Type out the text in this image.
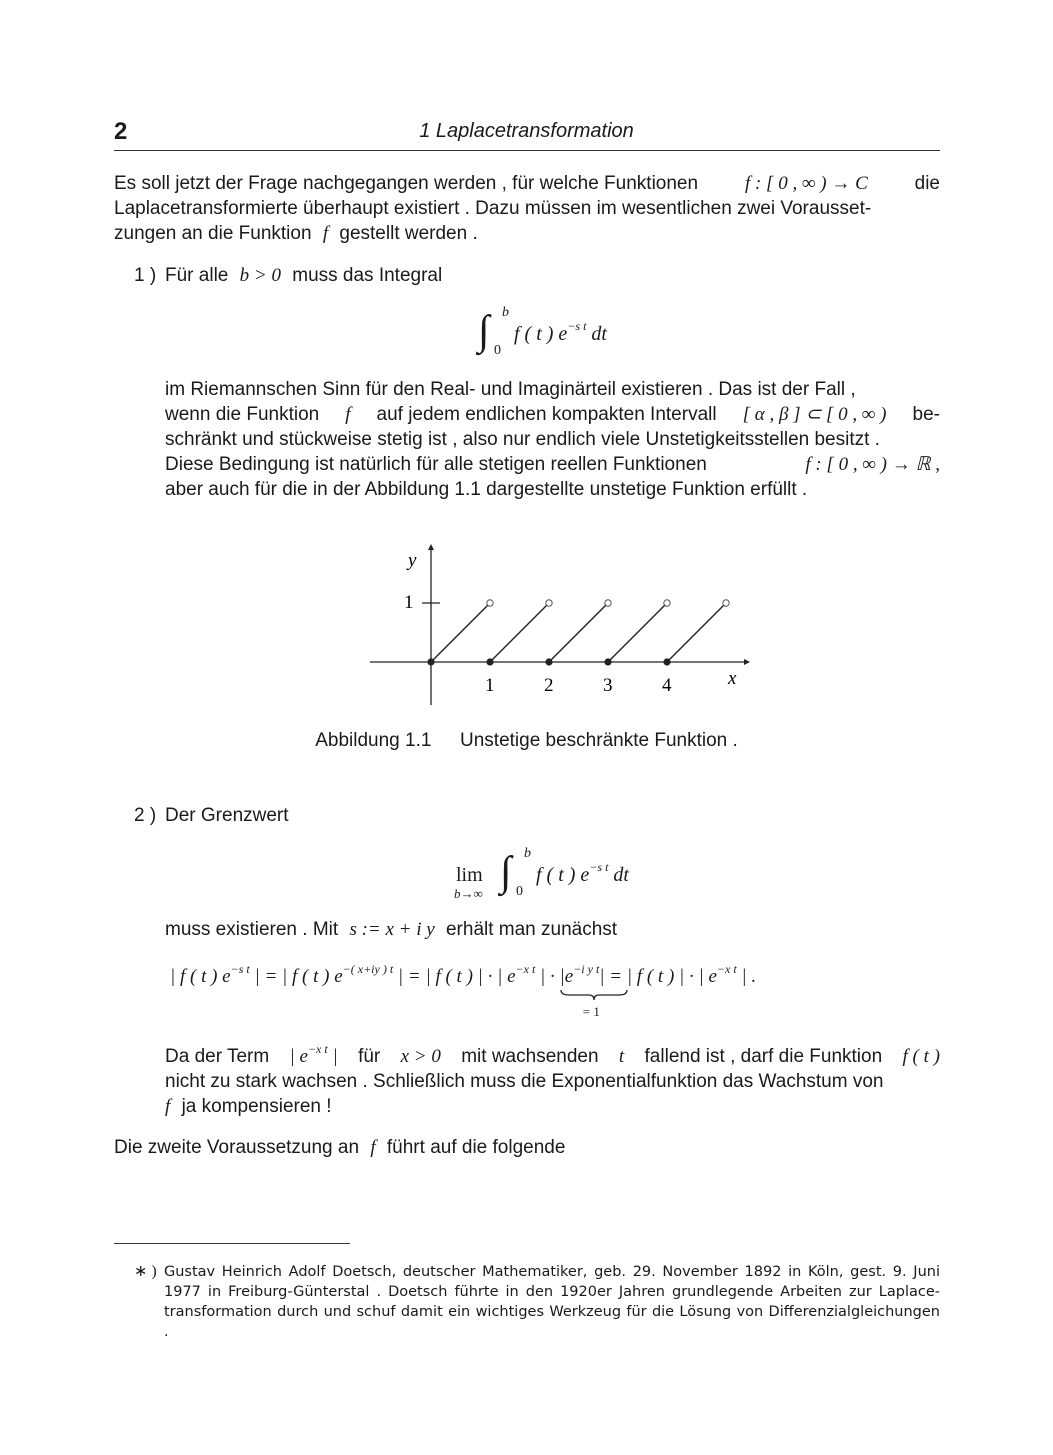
2	1 Laplacetransformation
Es soll jetzt der Frage nachgegangen werden , für welche Funktionen f : [ 0 , ∞ ) → C die
Laplacetransformierte überhaupt existiert . Dazu müssen im wesentlichen zwei Vorausset-
zungen an die Funktion f gestellt werden .
1 ) Für alle b > 0 muss das Integral
∫ b
0
f ( t ) $e^{-s t}$ dt
im Riemannschen Sinn für den Real- und Imaginärteil existieren . Das ist der Fall ,
wenn die Funktion f auf jedem endlichen kompakten Intervall [ α , β ] ⊂ [ 0 , ∞ ) be-
schränkt und stückweise stetig ist , also nur endlich viele Unstetigkeitsstellen besitzt .
Diese Bedingung ist natürlich für alle stetigen reellen Funktionen	f : [ 0 , ∞ ) → ℝ ,
aber auch für die in der Abbildung 1.1 dargestellte unstetige Funktion erfüllt .
1
y
x
1	2	3	4
Abbildung 1.1 Unstetige beschränkte Funktion .
2 ) Der Grenzwert
lim
b→∞ ∫ b
0
f ( t ) $e^{-s t}$ dt
muss existieren . Mit s := x + i y erhält man zunächst
| f ( t ) $e^{-s t}$ | = | f ( t ) $e^{-( x+iy ) t}$ | = | f ( t ) | · | $e^{-x t}$ | · $|e^{-i y t}$
= 1
| = | f ( t ) | · | $e^{-x t}$ | .
Da der Term | $e^{-x t}$ | für x > 0 mit wachsenden t fallend ist , darf die Funktion f ( t )
nicht zu stark wachsen . Schließlich muss die Exponentialfunktion das Wachstum von
f ja kompensieren !
Die zweite Voraussetzung an f führt auf die folgende
∗ ) Gustav Heinrich Adolf Doetsch, deutscher Mathematiker, geb. 29. November 1892 in Köln, gest. 9. Juni 1977 in Freiburg-Günterstal . Doetsch führte in den 1920er Jahren grundlegende Arbeiten zur Laplace-transformation durch und schuf damit ein wichtiges Werkzeug für die Lösung von Differenzialgleichungen .
